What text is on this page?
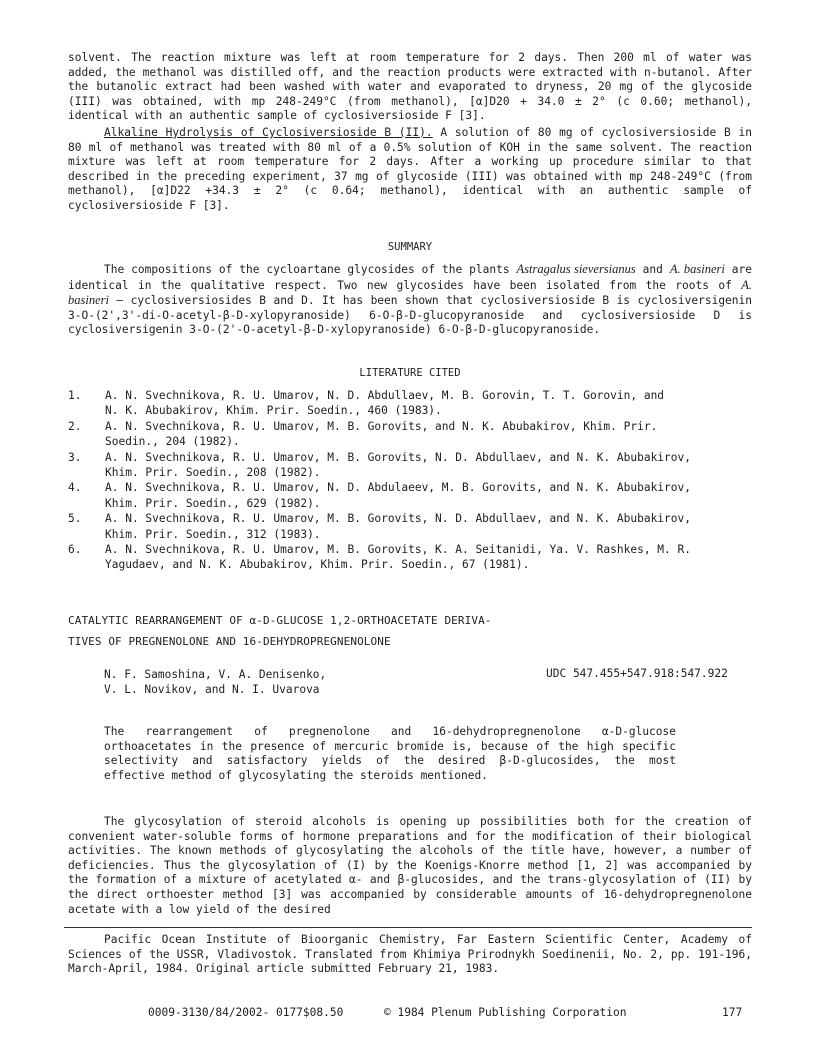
solvent. The reaction mixture was left at room temperature for 2 days. Then 200 ml of water was added, the methanol was distilled off, and the reaction products were extracted with n-butanol. After the butanolic extract had been washed with water and evaporated to dryness, 20 mg of the glycoside (III) was obtained, with mp 248-249°C (from methanol), [α]D20 + 34.0 ± 2° (c 0.60; methanol), identical with an authentic sample of cyclosiversioside F [3].

Alkaline Hydrolysis of Cyclosiversioside B (II). A solution of 80 mg of cyclosiversioside B in 80 ml of methanol was treated with 80 ml of a 0.5% solution of KOH in the same solvent. The reaction mixture was left at room temperature for 2 days. After a working up procedure similar to that described in the preceding experiment, 37 mg of glycoside (III) was obtained with mp 248-249°C (from methanol), [α]D22 +34.3 ± 2° (c 0.64; methanol), identical with an authentic sample of cyclosiversioside F [3].

SUMMARY

The compositions of the cycloartane glycosides of the plants Astragalus sieversianus and A. basineri are identical in the qualitative respect. Two new glycosides have been isolated from the roots of A. basineri — cyclosiversiosides B and D. It has been shown that cyclosiversioside B is cyclosiversigenin 3-O-(2',3'-di-O-acetyl-β-D-xylopyranoside) 6-O-β-D-glucopyranoside and cyclosiversioside D is cyclosiversigenin 3-O-(2'-O-acetyl-β-D-xylopyranoside) 6-O-β-D-glucopyranoside.

LITERATURE CITED
1. A. N. Svechnikova, R. U. Umarov, N. D. Abdullaev, M. B. Gorovin, T. T. Gorovin, and
N. K. Abubakirov, Khim. Prir. Soedin., 460 (1983).
2. A. N. Svechnikova, R. U. Umarov, M. B. Gorovits, and N. K. Abubakirov, Khim. Prir.
Soedin., 204 (1982).
3. A. N. Svechnikova, R. U. Umarov, M. B. Gorovits, N. D. Abdullaev, and N. K. Abubakirov,
Khim. Prir. Soedin., 208 (1982).
4. A. N. Svechnikova, R. U. Umarov, N. D. Abdulaeev, M. B. Gorovits, and N. K. Abubakirov,
Khim. Prir. Soedin., 629 (1982).
5. A. N. Svechnikova, R. U. Umarov, M. B. Gorovits, N. D. Abdullaev, and N. K. Abubakirov,
Khim. Prir. Soedin., 312 (1983).
6. A. N. Svechnikova, R. U. Umarov, M. B. Gorovits, K. A. Seitanidi, Ya. V. Rashkes, M. R.
Yagudaev, and N. K. Abubakirov, Khim. Prir. Soedin., 67 (1981).
CATALYTIC REARRANGEMENT OF α-D-GLUCOSE 1,2-ORTHOACETATE DERIVA-
TIVES OF PREGNENOLONE AND 16-DEHYDROPREGNENOLONE
N. F. Samoshina, V. A. Denisenko,
V. L. Novikov, and N. I. Uvarova
UDC 547.455+547.918:547.922
The rearrangement of pregnenolone and 16-dehydropregnenolone α-D-glucose orthoacetates in the presence of mercuric bromide is, because of the high specific selectivity and satisfactory yields of the desired β-D-glucosides, the most effective method of glycosylating the steroids mentioned.

The glycosylation of steroid alcohols is opening up possibilities both for the creation of convenient water-soluble forms of hormone preparations and for the modification of their biological activities. The known methods of glycosylating the alcohols of the title have, however, a number of deficiencies. Thus the glycosylation of (I) by the Koenigs-Knorre method [1, 2] was accompanied by the formation of a mixture of acetylated α- and β-glucosides, and the trans-glycosylation of (II) by the direct orthoester method [3] was accompanied by considerable amounts of 16-dehydropregnenolone acetate with a low yield of the desired

Pacific Ocean Institute of Bioorganic Chemistry, Far Eastern Scientific Center, Academy of Sciences of the USSR, Vladivostok. Translated from Khimiya Prirodnykh Soedinenii, No. 2, pp. 191-196, March-April, 1984. Original article submitted February 21, 1983.

0009-3130/84/2002- 0177$08.50	© 1984 Plenum Publishing Corporation	177
